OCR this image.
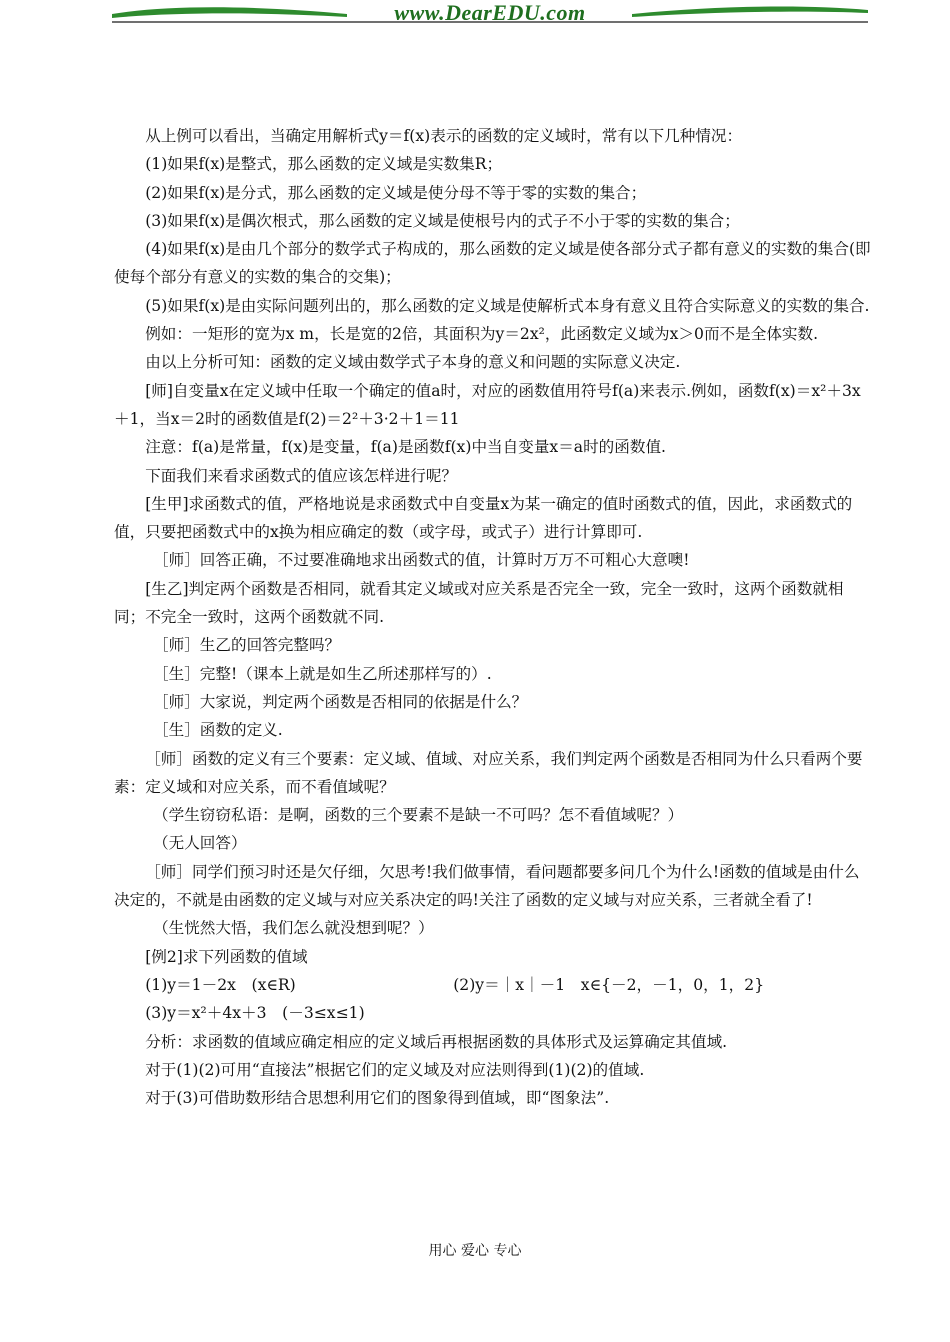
www.DearEDU.com

从上例可以看出，当确定用解析式y＝f(x)表示的函数的定义域时，常有以下几种情况：

(1)如果f(x)是整式，那么函数的定义域是实数集R；

(2)如果f(x)是分式，那么函数的定义域是使分母不等于零的实数的集合；

(3)如果f(x)是偶次根式，那么函数的定义域是使根号内的式子不小于零的实数的集合；

(4)如果f(x)是由几个部分的数学式子构成的，那么函数的定义域是使各部分式子都有意义的实数的集合(即使每个部分有意义的实数的集合的交集)；

(5)如果f(x)是由实际问题列出的，那么函数的定义域是使解析式本身有意义且符合实际意义的实数的集合.

例如：一矩形的宽为x m，长是宽的2倍，其面积为y＝2x²，此函数定义域为x＞0而不是全体实数.

由以上分析可知：函数的定义域由数学式子本身的意义和问题的实际意义决定.

[师]自变量x在定义域中任取一个确定的值a时，对应的函数值用符号f(a)来表示.例如，函数f(x)＝x²＋3x＋1，当x＝2时的函数值是f(2)＝2²＋3·2＋1＝11

注意：f(a)是常量，f(x)是变量，f(a)是函数f(x)中当自变量x＝a时的函数值.

下面我们来看求函数式的值应该怎样进行呢？

[生甲]求函数式的值，严格地说是求函数式中自变量x为某一确定的值时函数式的值，因此，求函数式的值，只要把函数式中的x换为相应确定的数（或字母，或式子）进行计算即可.

［师］回答正确，不过要准确地求出函数式的值，计算时万万不可粗心大意噢!

[生乙]判定两个函数是否相同，就看其定义域或对应关系是否完全一致，完全一致时，这两个函数就相同；不完全一致时，这两个函数就不同.

［师］生乙的回答完整吗？

［生］完整!（课本上就是如生乙所述那样写的）.

［师］大家说，判定两个函数是否相同的依据是什么？

［生］函数的定义.

［师］函数的定义有三个要素：定义域、值域、对应关系，我们判定两个函数是否相同为什么只看两个要素：定义域和对应关系，而不看值域呢？

（学生窃窃私语：是啊，函数的三个要素不是缺一不可吗？怎不看值域呢？）

（无人回答）

［师］同学们预习时还是欠仔细，欠思考!我们做事情，看问题都要多问几个为什么!函数的值域是由什么决定的，不就是由函数的定义域与对应关系决定的吗!关注了函数的定义域与对应关系，三者就全看了!

（生恍然大悟，我们怎么就没想到呢？）

[例2]求下列函数的值域

(1)y＝1－2x　(x∈R)	(2)y＝｜x｜－1　x∈{－2，－1，0，1，2}

(3)y＝x²＋4x＋3　(－3≤x≤1)

分析：求函数的值域应确定相应的定义域后再根据函数的具体形式及运算确定其值域.

对于(1)(2)可用“直接法”根据它们的定义域及对应法则得到(1)(2)的值域.

对于(3)可借助数形结合思想利用它们的图象得到值域，即“图象法”.

用心 爱心 专心
